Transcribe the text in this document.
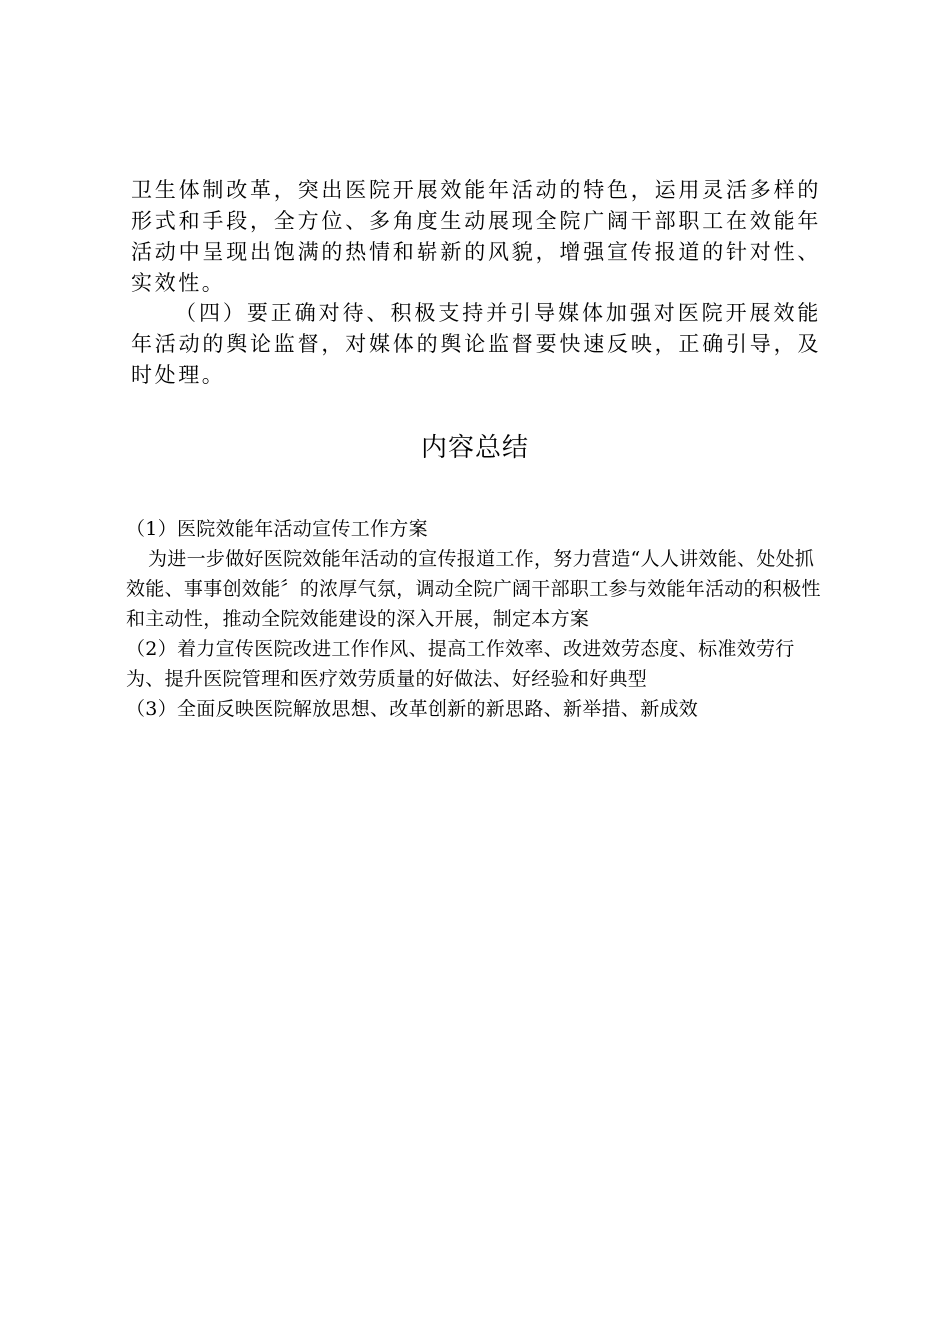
卫生体制改革，突出医院开展效能年活动的特色，运用灵活多样的形式和手段，全方位、多角度生动展现全院广阔干部职工在效能年活动中呈现出饱满的热情和崭新的风貌，增强宣传报道的针对性、实效性。

（四）要正确对待、积极支持并引导媒体加强对医院开展效能年活动的舆论监督，对媒体的舆论监督要快速反映，正确引导，及时处理。

内容总结

（1）医院效能年活动宣传工作方案

为进一步做好医院效能年活动的宣传报道工作，努力营造“人人讲效能、处处抓效能、事事创效能〞的浓厚气氛，调动全院广阔干部职工参与效能年活动的积极性和主动性，推动全院效能建设的深入开展，制定本方案

（2）着力宣传医院改进工作作风、提高工作效率、改进效劳态度、标准效劳行为、提升医院管理和医疗效劳质量的好做法、好经验和好典型

（3）全面反映医院解放思想、改革创新的新思路、新举措、新成效
